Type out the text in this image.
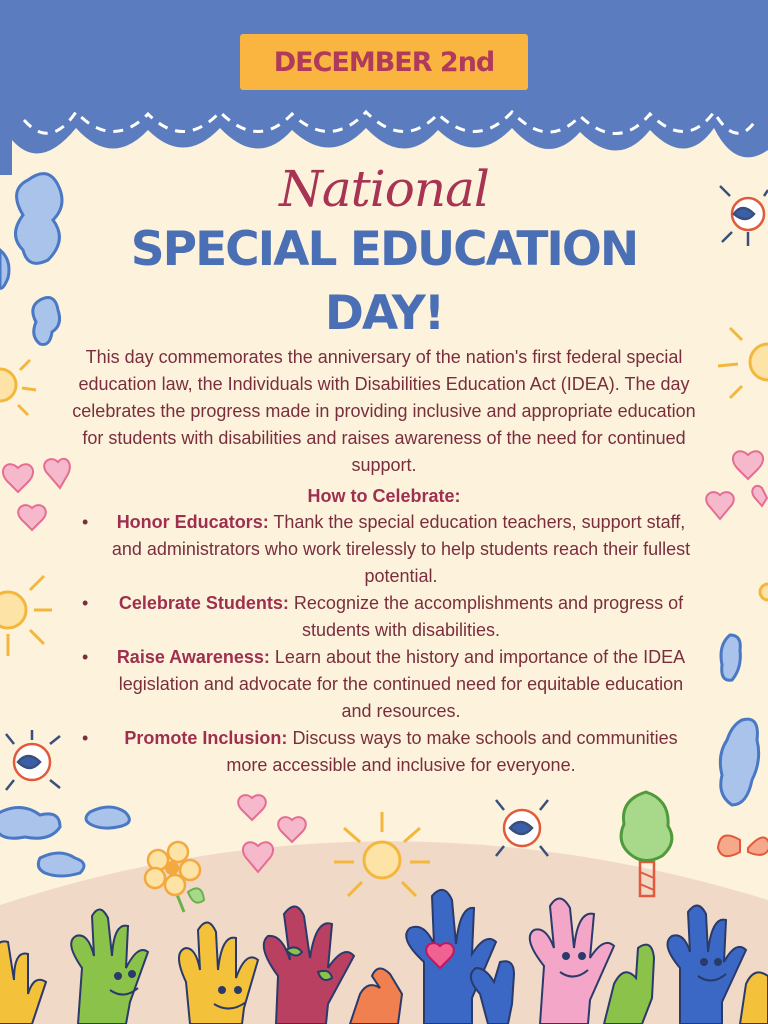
DECEMBER 2nd
National
SPECIAL EDUCATION
DAY!
This day commemorates the anniversary of the nation's first federal special education law, the Individuals with Disabilities Education Act (IDEA). The day celebrates the progress made in providing inclusive and appropriate education for students with disabilities and raises awareness of the need for continued support.
How to Celebrate:
• Honor Educators: Thank the special education teachers, support staff, and administrators who work tirelessly to help students reach their fullest potential.
• Celebrate Students: Recognize the accomplishments and progress of students with disabilities.
• Raise Awareness: Learn about the history and importance of the IDEA legislation and advocate for the continued need for equitable education and resources.
• Promote Inclusion: Discuss ways to make schools and communities more accessible and inclusive for everyone.
